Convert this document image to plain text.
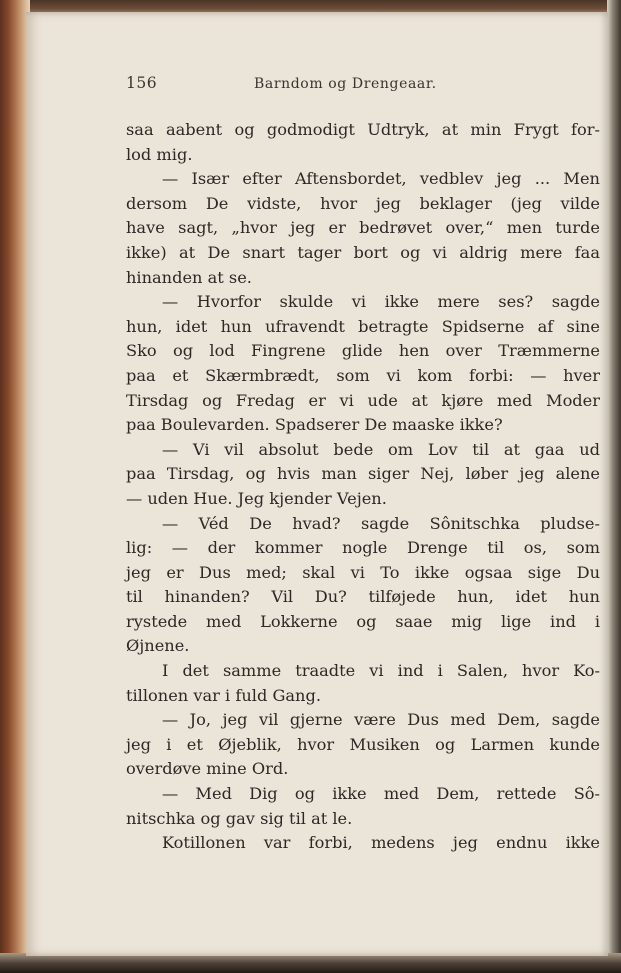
156	Barndom og Drengeaar.
saa aabent og godmodigt Udtryk, at min Frygt for-
lod mig.
— Især efter Aftensbordet, vedblev jeg ... Men
dersom De vidste, hvor jeg beklager (jeg vilde
have sagt, „hvor jeg er bedrøvet over,“ men turde
ikke) at De snart tager bort og vi aldrig mere faa
hinanden at se.
— Hvorfor skulde vi ikke mere ses? sagde
hun, idet hun ufravendt betragte Spidserne af sine
Sko og lod Fingrene glide hen over Træmmerne
paa et Skærmbrædt, som vi kom forbi: — hver
Tirsdag og Fredag er vi ude at kjøre med Moder
paa Boulevarden. Spadserer De maaske ikke?
— Vi vil absolut bede om Lov til at gaa ud
paa Tirsdag, og hvis man siger Nej, løber jeg alene
— uden Hue. Jeg kjender Vejen.
— Véd De hvad? sagde Sônitschka pludse-
lig: — der kommer nogle Drenge til os, som
jeg er Dus med; skal vi To ikke ogsaa sige Du
til hinanden? Vil Du? tilføjede hun, idet hun
rystede med Lokkerne og saae mig lige ind i
Øjnene.
I det samme traadte vi ind i Salen, hvor Ko-
tillonen var i fuld Gang.
— Jo, jeg vil gjerne være Dus med Dem, sagde
jeg i et Øjeblik, hvor Musiken og Larmen kunde
overdøve mine Ord.
— Med Dig og ikke med Dem, rettede Sô-
nitschka og gav sig til at le.
Kotillonen var forbi, medens jeg endnu ikke
